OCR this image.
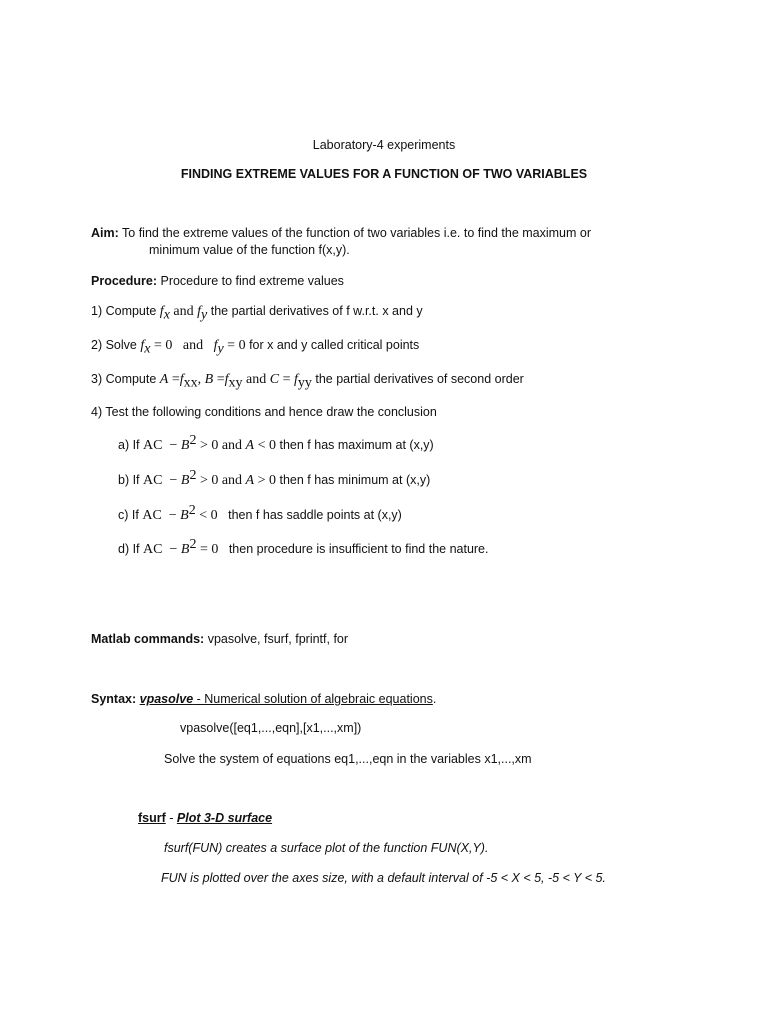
Laboratory-4 experiments
FINDING EXTREME VALUES FOR A FUNCTION OF TWO VARIABLES
Aim: To find the extreme values of the function of two variables i.e. to find the maximum or
minimum value of the function f(x,y).
Procedure: Procedure to find extreme values
1) Compute $f_x$ and $f_y$ the partial derivatives of f w.r.t. x and y
2) Solve $f_x = 0$   and   $f_y = 0$ for x and y called critical points
3) Compute $A =f_{xx}$, $B =f_{xy}$ and $C = f_{yy}$ the partial derivatives of second order
4) Test the following conditions and hence draw the conclusion
a) If AC  − $B^2 > 0$ and A < 0 then f has maximum at (x,y)
b) If AC  − $B^2 > 0$ and A > 0 then f has minimum at (x,y)
c) If AC  − $B^2 < 0$   then f has saddle points at (x,y)
d) If AC  − $B^2 = 0$   then procedure is insufficient to find the nature.
Matlab commands: vpasolve, fsurf, fprintf, for
Syntax: vpasolve - Numerical solution of algebraic equations.
vpasolve([eq1,...,eqn],[x1,...,xm])
Solve the system of equations eq1,...,eqn in the variables x1,...,xm
fsurf - Plot 3-D surface
fsurf(FUN) creates a surface plot of the function FUN(X,Y).
FUN is plotted over the axes size, with a default interval of -5 < X < 5, -5 < Y < 5.
